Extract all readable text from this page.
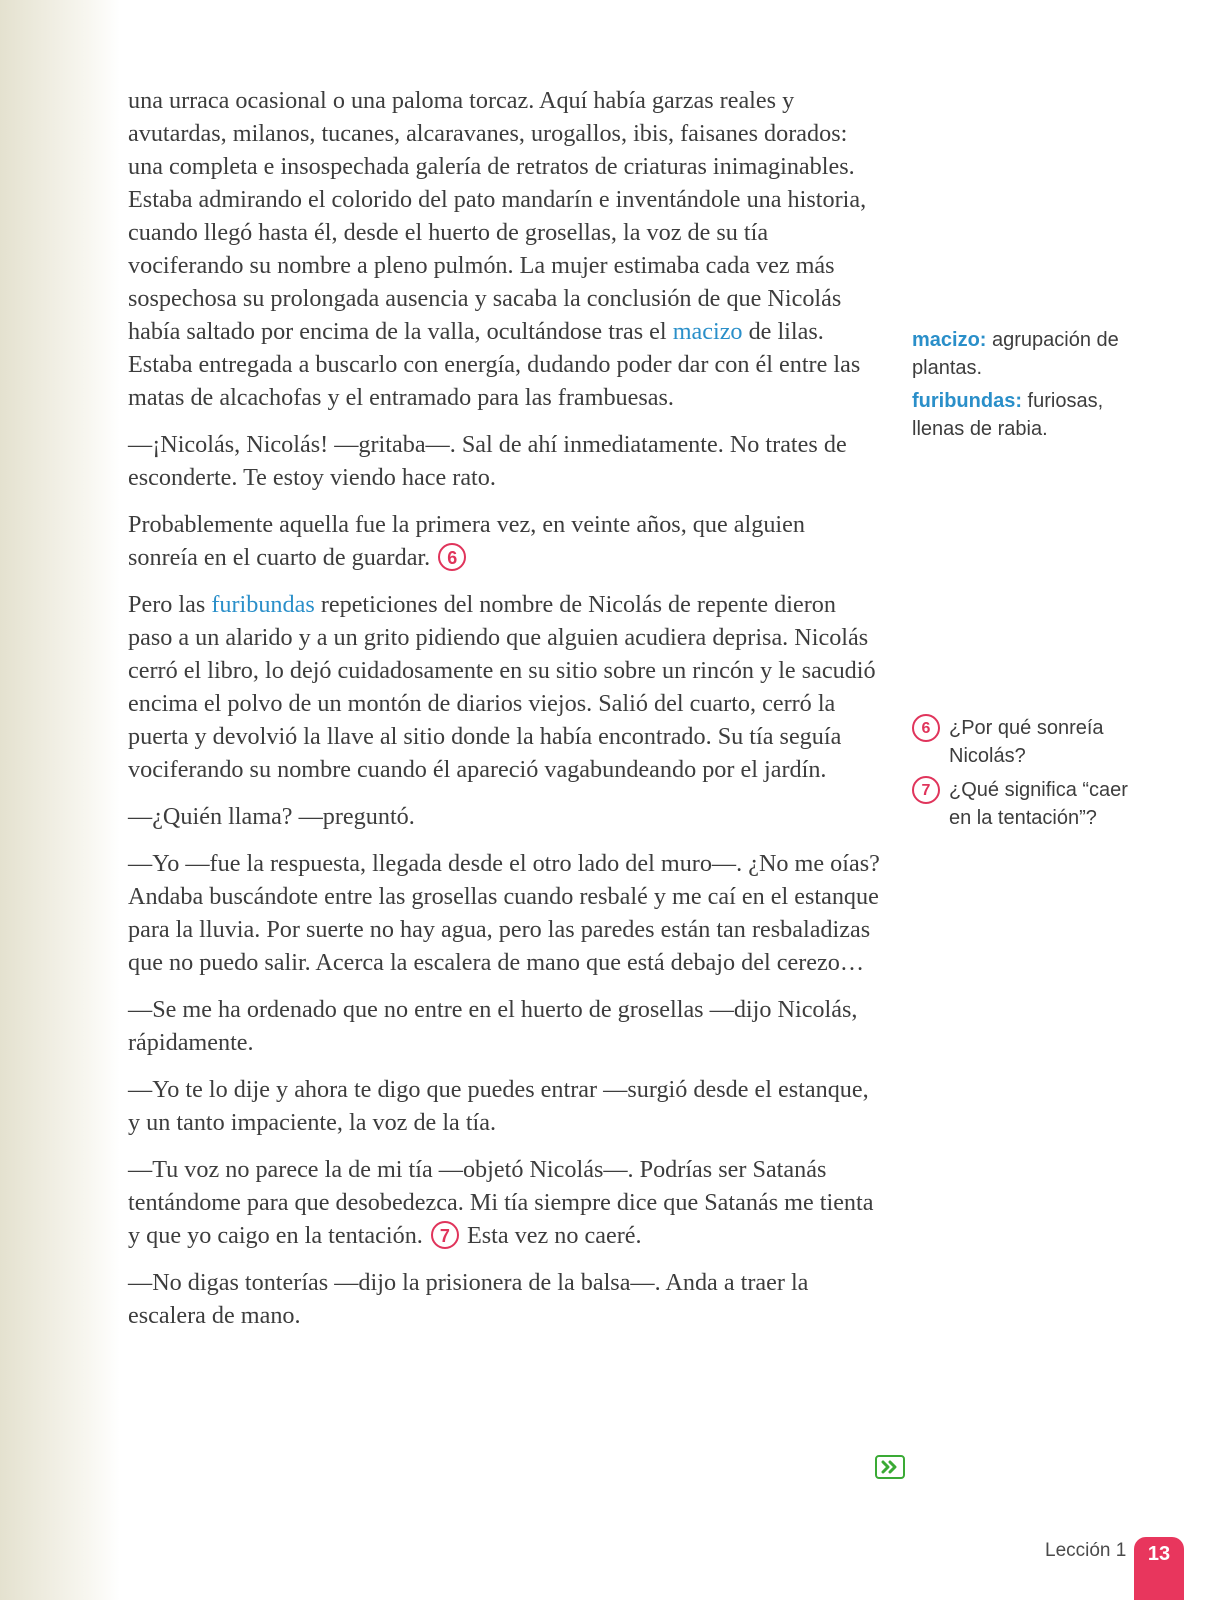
una urraca ocasional o una paloma torcaz. Aquí había garzas reales y avutardas, milanos, tucanes, alcaravanes, urogallos, ibis, faisanes dorados: una completa e insospechada galería de retratos de criaturas inimaginables. Estaba admirando el colorido del pato mandarín e inventándole una historia, cuando llegó hasta él, desde el huerto de grosellas, la voz de su tía vociferando su nombre a pleno pulmón. La mujer estimaba cada vez más sospechosa su prolongada ausencia y sacaba la conclusión de que Nicolás había saltado por encima de la valla, ocultándose tras el macizo de lilas. Estaba entregada a buscarlo con energía, dudando poder dar con él entre las matas de alcachofas y el entramado para las frambuesas.

—¡Nicolás, Nicolás! —gritaba—. Sal de ahí inmediatamente. No trates de esconderte. Te estoy viendo hace rato.

Probablemente aquella fue la primera vez, en veinte años, que alguien sonreía en el cuarto de guardar. 6

Pero las furibundas repeticiones del nombre de Nicolás de repente dieron paso a un alarido y a un grito pidiendo que alguien acudiera deprisa. Nicolás cerró el libro, lo dejó cuidadosamente en su sitio sobre un rincón y le sacudió encima el polvo de un montón de diarios viejos. Salió del cuarto, cerró la puerta y devolvió la llave al sitio donde la había encontrado. Su tía seguía vociferando su nombre cuando él apareció vagabundeando por el jardín.

—¿Quién llama? —preguntó.

—Yo —fue la respuesta, llegada desde el otro lado del muro—. ¿No me oías? Andaba buscándote entre las grosellas cuando resbalé y me caí en el estanque para la lluvia. Por suerte no hay agua, pero las paredes están tan resbaladizas que no puedo salir. Acerca la escalera de mano que está debajo del cerezo…

—Se me ha ordenado que no entre en el huerto de grosellas —dijo Nicolás, rápidamente.

—Yo te lo dije y ahora te digo que puedes entrar —surgió desde el estanque, y un tanto impaciente, la voz de la tía.

—Tu voz no parece la de mi tía —objetó Nicolás—. Podrías ser Satanás tentándome para que desobedezca. Mi tía siempre dice que Satanás me tienta y que yo caigo en la tentación. 7 Esta vez no caeré.

—No digas tonterías —dijo la prisionera de la balsa—. Anda a traer la escalera de mano.

macizo: agrupación de plantas.
furibundas: furiosas, llenas de rabia.
6 ¿Por qué sonreía Nicolás?
7 ¿Qué significa “caer en la tentación”?
Lección 1	13
